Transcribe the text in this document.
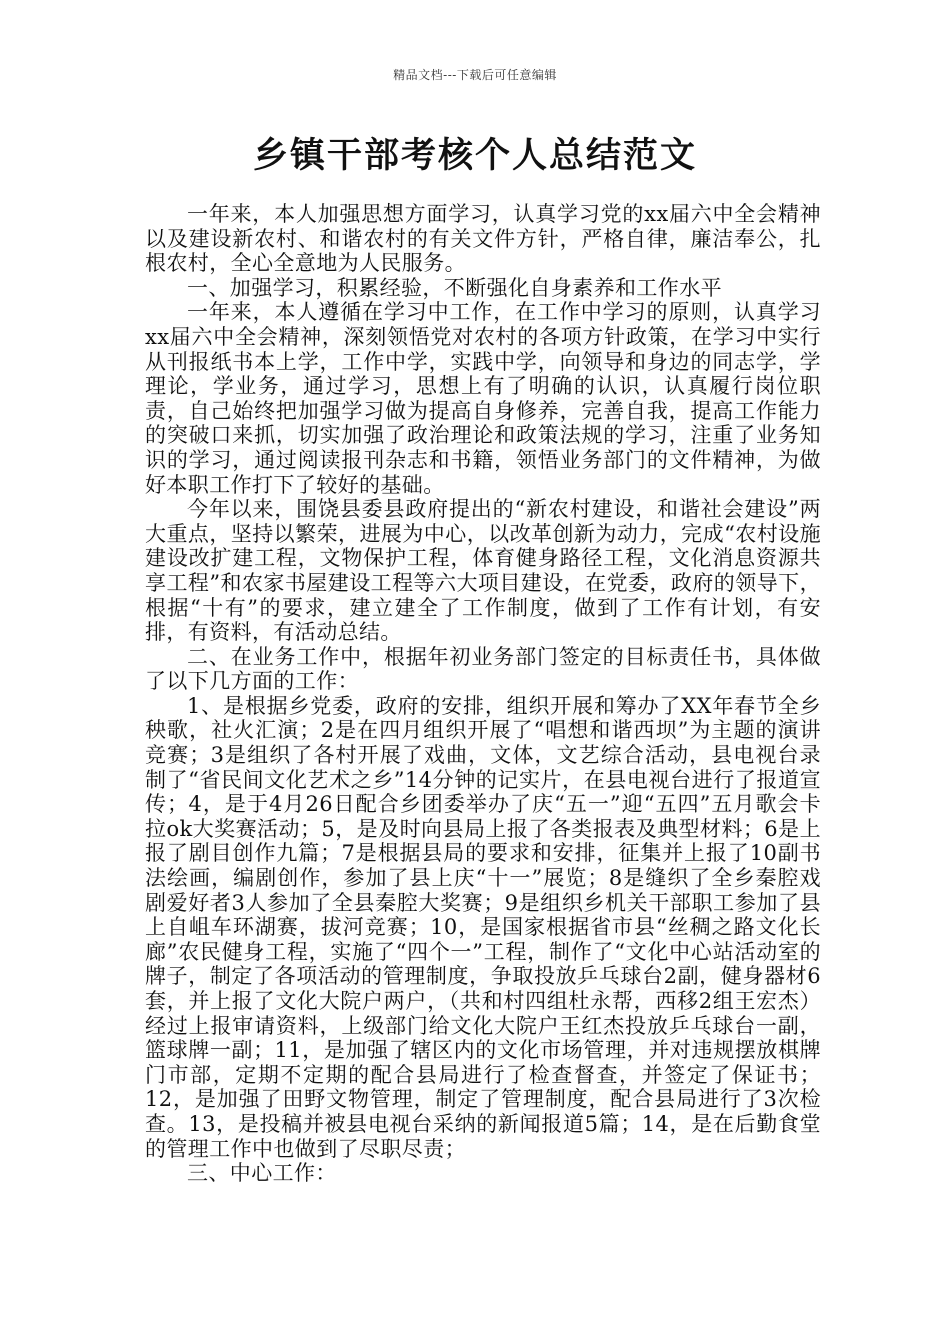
精品文档---下载后可任意编辑
乡镇干部考核个人总结范文

一年来，本人加强思想方面学习，认真学习党的xx届六中全会精神以及建设新农村、和谐农村的有关文件方针，严格自律，廉洁奉公，扎根农村，全心全意地为人民服务。

一、加强学习，积累经验，不断强化自身素养和工作水平

一年来，本人遵循在学习中工作，在工作中学习的原则，认真学习xx届六中全会精神，深刻领悟党对农村的各项方针政策，在学习中实行从刊报纸书本上学，工作中学，实践中学，向领导和身边的同志学，学理论，学业务，通过学习，思想上有了明确的认识，认真履行岗位职责，自己始终把加强学习做为提高自身修养，完善自我，提高工作能力的突破口来抓，切实加强了政治理论和政策法规的学习，注重了业务知识的学习，通过阅读报刊杂志和书籍，领悟业务部门的文件精神，为做好本职工作打下了较好的基础。

今年以来，围饶县委县政府提出的“新农村建设，和谐社会建设”两大重点，坚持以繁荣，进展为中心，以改革创新为动力，完成“农村设施建设改扩建工程，文物保护工程，体育健身路径工程，文化消息资源共享工程”和农家书屋建设工程等六大项目建设，在党委，政府的领导下，根据“十有”的要求，建立建全了工作制度，做到了工作有计划，有安排，有资料，有活动总结。

二、在业务工作中，根据年初业务部门签定的目标责任书，具体做了以下几方面的工作：

1、是根据乡党委，政府的安排，组织开展和筹办了XX年春节全乡秧歌，社火汇演；2是在四月组织开展了“唱想和谐西坝”为主题的演讲竞赛；3是组织了各村开展了戏曲，文体，文艺综合活动，县电视台录制了“省民间文化艺术之乡”14分钟的记实片，在县电视台进行了报道宣传；4，是于4月26日配合乡团委举办了庆“五一”迎“五四”五月歌会卡拉ok大奖赛活动；5，是及时向县局上报了各类报表及典型材料；6是上报了剧目创作九篇；7是根据县局的要求和安排，征集并上报了10副书法绘画，编剧创作，参加了县上庆“十一”展览；8是缝织了全乡秦腔戏剧爱好者3人参加了全县秦腔大奖赛；9是组织乡机关干部职工参加了县上自岨车环湖赛，拔河竞赛；10，是国家根据省市县“丝稠之路文化长廊”农民健身工程，实施了“四个一”工程，制作了“文化中心站活动室的牌子，制定了各项活动的管理制度，争取投放乒乓球台2副，健身器材6套，并上报了文化大院户两户，（共和村四组杜永帮，西移2组王宏杰）经过上报审请资料，上级部门给文化大院户王红杰投放乒乓球台一副，篮球牌一副；11，是加强了辖区内的文化市场管理，并对违规摆放棋牌门市部，定期不定期的配合县局进行了检查督查，并签定了保证书；12，是加强了田野文物管理，制定了管理制度，配合县局进行了3次检查。13，是投稿并被县电视台采纳的新闻报道5篇；14，是在后勤食堂的管理工作中也做到了尽职尽责；

三、中心工作：
